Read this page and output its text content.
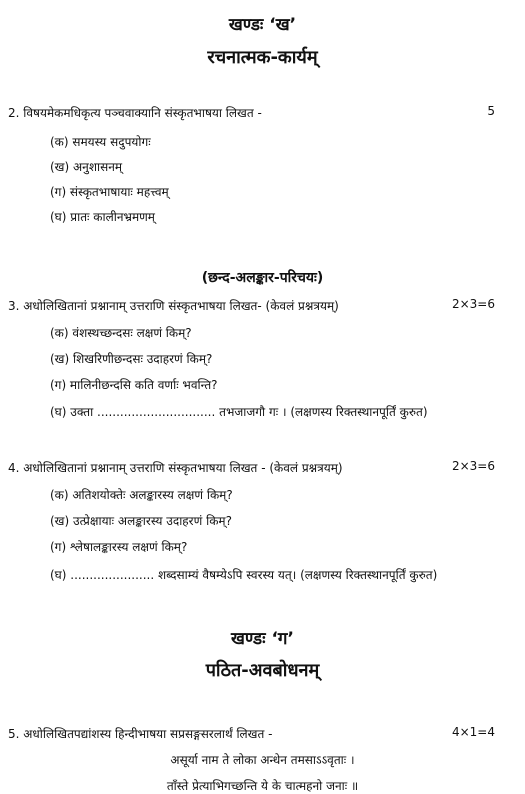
खण्डः ‘ख’
रचनात्मक-कार्यम्
2. विषयमेकमधिकृत्य पञ्चवाक्यानि संस्कृतभाषया लिखत -	5
(क) समयस्य सदुपयोगः
(ख) अनुशासनम्
(ग) संस्कृतभाषायाः महत्त्वम्
(घ) प्रातः कालीनभ्रमणम्
(छन्द-अलङ्कार-परिचयः)
3. अधोलिखितानां प्रश्नानाम् उत्तराणि संस्कृतभाषया लिखत- (केवलं प्रश्नत्रयम्)	2×3=6
(क) वंशस्थच्छन्दसः लक्षणं किम्?
(ख) शिखरिणीछन्दसः उदाहरणं किम्?
(ग) मालिनीछन्दसि कति वर्णाः भवन्ति?
(घ) उक्ता ............................... तभजाजगौ गः । (लक्षणस्य रिक्तस्थानपूर्तिं कुरुत)
4. अधोलिखितानां प्रश्नानाम् उत्तराणि संस्कृतभाषया लिखत - (केवलं प्रश्नत्रयम्)	2×3=6
(क) अतिशयोक्तेः अलङ्कारस्य लक्षणं किम्?
(ख) उत्प्रेक्षायाः अलङ्कारस्य उदाहरणं किम्?
(ग) श्लेषालङ्कारस्य लक्षणं किम्?
(घ) ...................... शब्दसाम्यं वैषम्येऽपि स्वरस्य यत्। (लक्षणस्य रिक्तस्थानपूर्तिं कुरुत)
खण्डः ‘ग’
पठित-अवबोधनम्
5. अधोलिखितपद्यांशस्य हिन्दीभाषया सप्रसङ्गसरलार्थं लिखत -	4×1=4
असूर्या नाम ते लोका अन्धेन तमसाऽऽवृताः ।
ताँस्ते प्रेत्याभिगच्छन्ति ये के चात्महनो जनाः ॥
